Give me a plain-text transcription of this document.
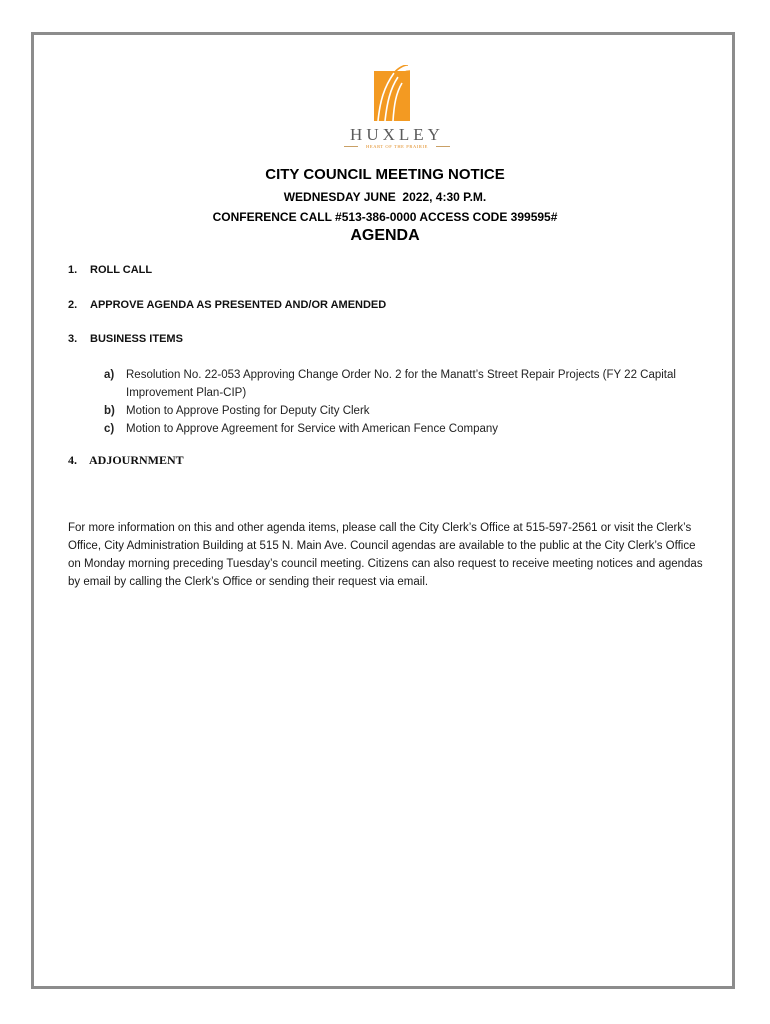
HUXLEY
HEART OF THE PRAIRIE
CITY COUNCIL MEETING NOTICE
WEDNESDAY JUNE  2022, 4:30 P.M.
CONFERENCE CALL #513-386-0000 ACCESS CODE 399595#
AGENDA
1. ROLL CALL
2. APPROVE AGENDA AS PRESENTED AND/OR AMENDED
3. BUSINESS ITEMS
a) Resolution No. 22-053 Approving Change Order No. 2 for the Manatt’s Street Repair Projects (FY 22 Capital Improvement Plan-CIP)
b) Motion to Approve Posting for Deputy City Clerk
c) Motion to Approve Agreement for Service with American Fence Company
4. ADJOURNMENT
For more information on this and other agenda items, please call the City Clerk’s Office at 515-597-2561 or visit the Clerk’s Office, City Administration Building at 515 N. Main Ave. Council agendas are available to the public at the City Clerk’s Office on Monday morning preceding Tuesday’s council meeting. Citizens can also request to receive meeting notices and agendas by email by calling the Clerk’s Office or sending their request via email.
